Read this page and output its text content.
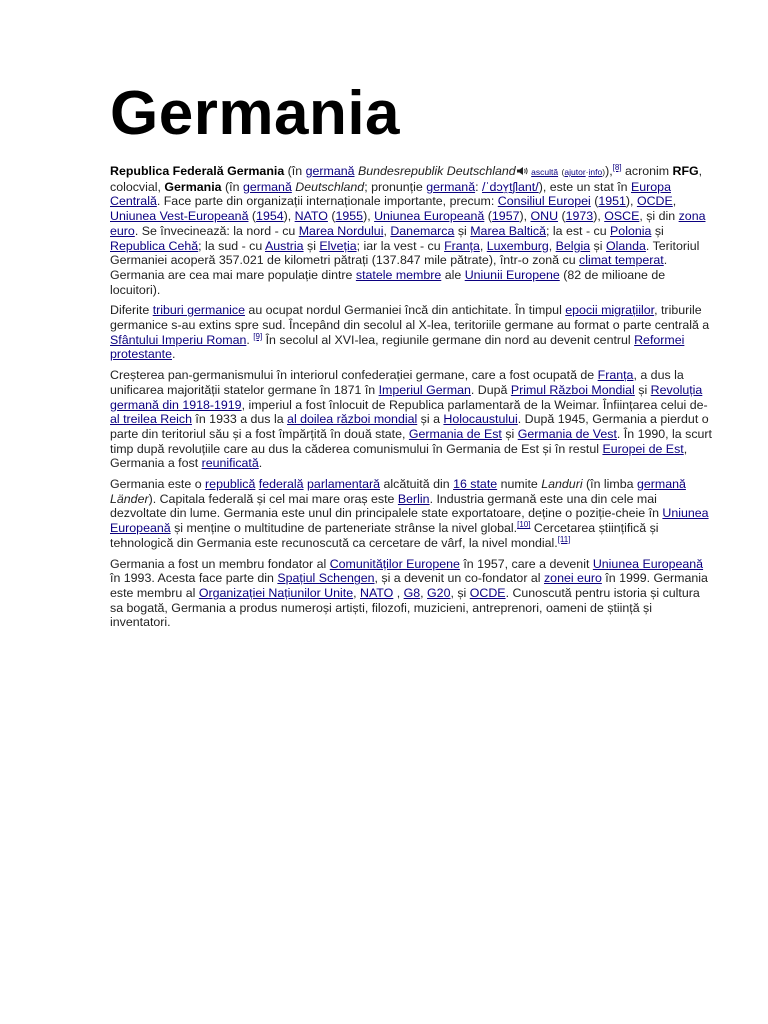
Germania

Republica Federală Germania (în germană Bundesrepublik Deutschland ascultă (ajutor·info)),[8] acronim RFG, colocvial, Germania (în germană Deutschland; pronunție germană: /ˈdɔʏ̯tʃlant/), este un stat în Europa Centrală. Face parte din organizații internaționale importante, precum: Consiliul Europei (1951), OCDE, Uniunea Vest-Europeană (1954), NATO (1955), Uniunea Europeană (1957), ONU (1973), OSCE, și din zona euro. Se învecinează: la nord - cu Marea Nordului, Danemarca și Marea Baltică; la est - cu Polonia și Republica Cehă; la sud - cu Austria și Elveția; iar la vest - cu Franța, Luxemburg, Belgia și Olanda. Teritoriul Germaniei acoperă 357.021 de kilometri pătrați (137.847 mile pătrate), într-o zonă cu climat temperat. Germania are cea mai mare populație dintre statele membre ale Uniunii Europene (82 de milioane de locuitori).

Diferite triburi germanice au ocupat nordul Germaniei încă din antichitate. În timpul epocii migrațiilor, triburile germanice s-au extins spre sud. Începând din secolul al X-lea, teritoriile germane au format o parte centrală a Sfântului Imperiu Roman. [9] În secolul al XVI-lea, regiunile germane din nord au devenit centrul Reformei protestante.

Creșterea pan-germanismului în interiorul confederației germane, care a fost ocupată de Franța, a dus la unificarea majorității statelor germane în 1871 în Imperiul German. După Primul Război Mondial și Revoluția germană din 1918-1919, imperiul a fost înlocuit de Republica parlamentară de la Weimar. Înființarea celui de-al treilea Reich în 1933 a dus la al doilea război mondial și a Holocaustului. După 1945, Germania a pierdut o parte din teritoriul său și a fost împărțită în două state, Germania de Est și Germania de Vest. În 1990, la scurt timp după revoluțiile care au dus la căderea comunismului în Germania de Est și în restul Europei de Est, Germania a fost reunificată.

Germania este o republică federală parlamentară alcătuită din 16 state numite Landuri (în limba germană Länder). Capitala federală și cel mai mare oraș este Berlin. Industria germană este una din cele mai dezvoltate din lume. Germania este unul din principalele state exportatoare, deține o poziție-cheie în Uniunea Europeană și menține o multitudine de parteneriate strânse la nivel global.[10] Cercetarea științifică și tehnologică din Germania este recunoscută ca cercetare de vârf, la nivel mondial.[11]

Germania a fost un membru fondator al Comunităților Europene în 1957, care a devenit Uniunea Europeană în 1993. Acesta face parte din Spațiul Schengen, și a devenit un co-fondator al zonei euro în 1999. Germania este membru al Organizației Națiunilor Unite, NATO , G8, G20, și OCDE. Cunoscută pentru istoria și cultura sa bogată, Germania a produs numeroși artiști, filozofi, muzicieni, antreprenori, oameni de știință și inventatori.
